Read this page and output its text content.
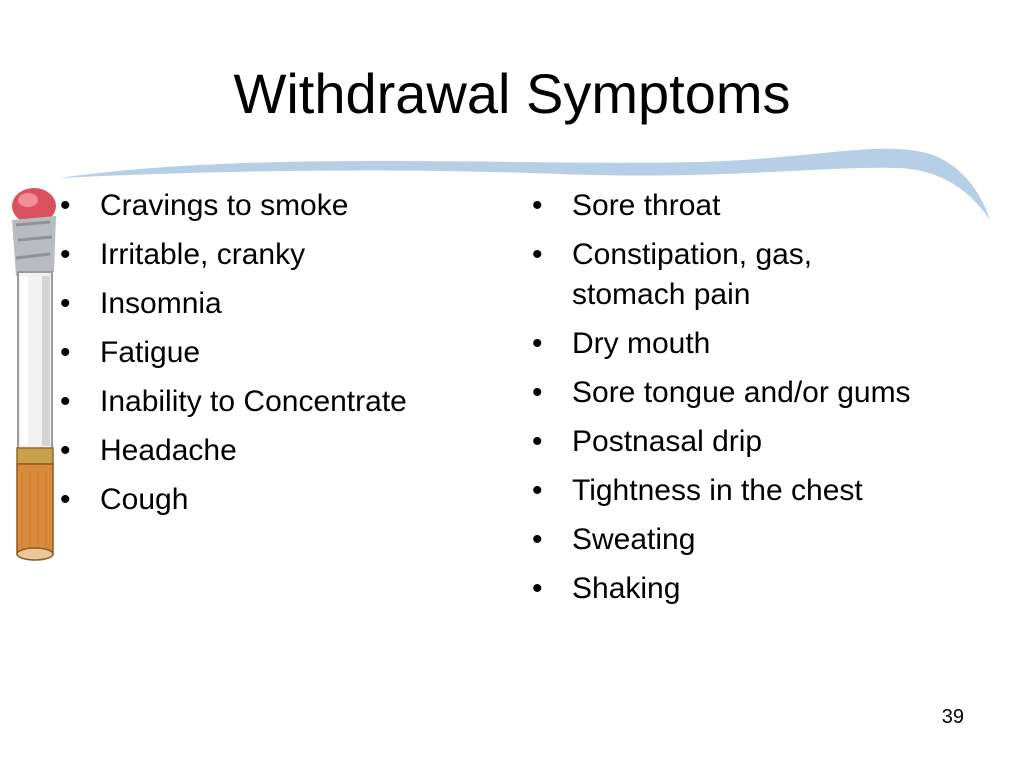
Withdrawal Symptoms
• Cravings to smoke
• Irritable, cranky
• Insomnia
• Fatigue
• Inability to Concentrate
• Headache
• Cough
• Sore throat
• Constipation, gas, stomach pain
• Dry mouth
• Sore tongue and/or gums
• Postnasal drip
• Tightness in the chest
• Sweating
• Shaking
39
